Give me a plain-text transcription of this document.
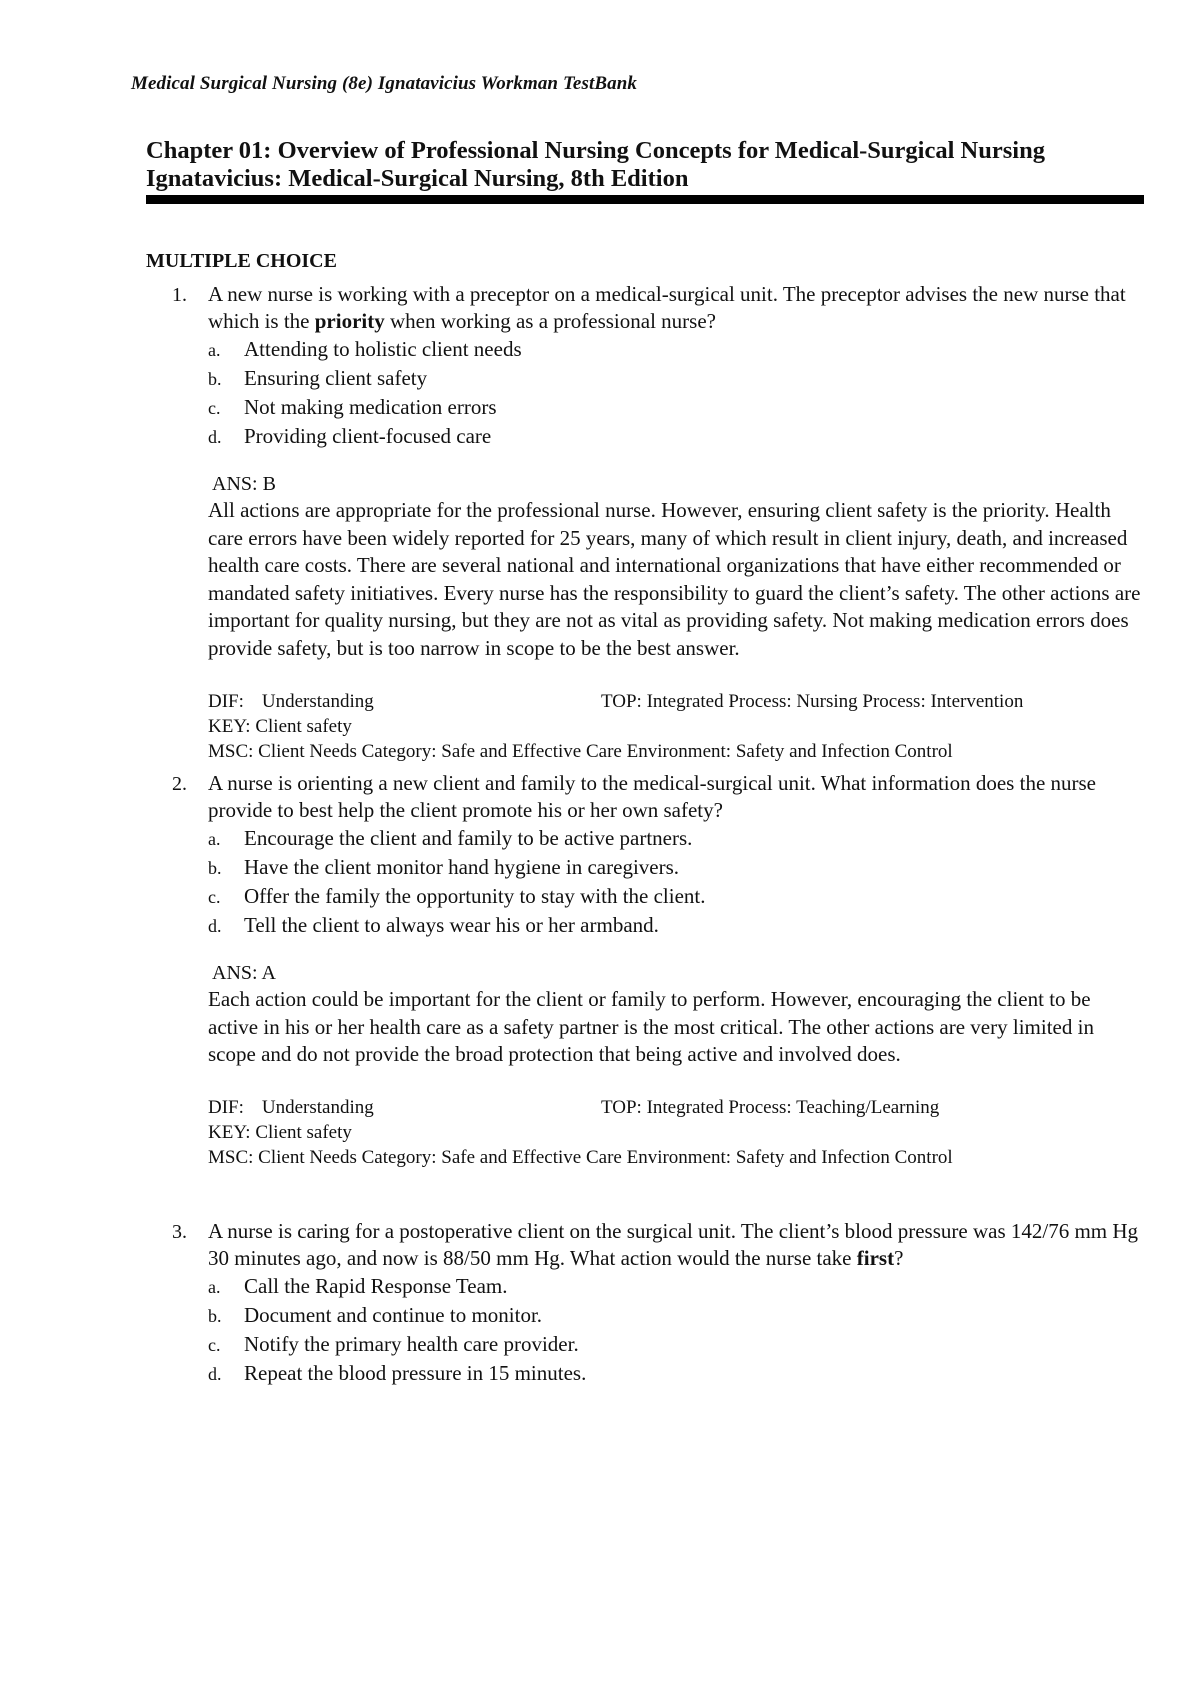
Medical Surgical Nursing (8e) Ignatavicius Workman TestBank
Chapter 01: Overview of Professional Nursing Concepts for Medical-Surgical Nursing
Ignatavicius: Medical-Surgical Nursing, 8th Edition
MULTIPLE CHOICE
1. A new nurse is working with a preceptor on a medical-surgical unit. The preceptor advises the new nurse that which is the priority when working as a professional nurse?
a. Attending to holistic client needs
b. Ensuring client safety
c. Not making medication errors
d. Providing client-focused care
ANS: B
All actions are appropriate for the professional nurse. However, ensuring client safety is the priority. Health care errors have been widely reported for 25 years, many of which result in client injury, death, and increased health care costs. There are several national and international organizations that have either recommended or mandated safety initiatives. Every nurse has the responsibility to guard the client’s safety. The other actions are important for quality nursing, but they are not as vital as providing safety. Not making medication errors does provide safety, but is too narrow in scope to be the best answer.
DIF: Understanding	TOP: Integrated Process: Nursing Process: Intervention
KEY: Client safety
MSC: Client Needs Category: Safe and Effective Care Environment: Safety and Infection Control
2. A nurse is orienting a new client and family to the medical-surgical unit. What information does the nurse provide to best help the client promote his or her own safety?
a. Encourage the client and family to be active partners.
b. Have the client monitor hand hygiene in caregivers.
c. Offer the family the opportunity to stay with the client.
d. Tell the client to always wear his or her armband.
ANS: A
Each action could be important for the client or family to perform. However, encouraging the client to be active in his or her health care as a safety partner is the most critical. The other actions are very limited in scope and do not provide the broad protection that being active and involved does.
DIF: Understanding	TOP: Integrated Process: Teaching/Learning
KEY: Client safety
MSC: Client Needs Category: Safe and Effective Care Environment: Safety and Infection Control
3. A nurse is caring for a postoperative client on the surgical unit. The client’s blood pressure was 142/76 mm Hg 30 minutes ago, and now is 88/50 mm Hg. What action would the nurse take first?
a. Call the Rapid Response Team.
b. Document and continue to monitor.
c. Notify the primary health care provider.
d. Repeat the blood pressure in 15 minutes.
